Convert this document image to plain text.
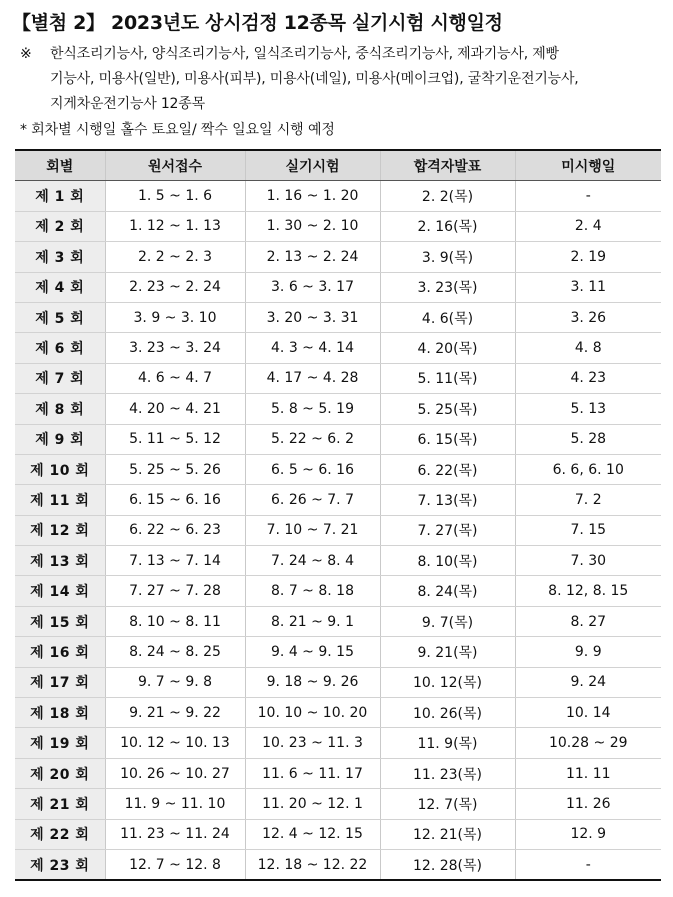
【별첨 2】 2023년도 상시검정 12종목 실기시험 시행일정
※	한식조리기능사, 양식조리기능사, 일식조리기능사, 중식조리기능사, 제과기능사, 제빵
기능사, 미용사(일반), 미용사(피부), 미용사(네일), 미용사(메이크업), 굴착기운전기능사,
지게차운전기능사 12종목
* 회차별 시행일 홀수 토요일/ 짝수 일요일 시행 예정
회별	원서접수	실기시험	합격자발표	미시행일
제 1 회	1. 5 ~ 1. 6	1. 16 ~ 1. 20	2. 2(목)	-
제 2 회	1. 12 ~ 1. 13	1. 30 ~ 2. 10	2. 16(목)	2. 4
제 3 회	2. 2 ~ 2. 3	2. 13 ~ 2. 24	3. 9(목)	2. 19
제 4 회	2. 23 ~ 2. 24	3. 6 ~ 3. 17	3. 23(목)	3. 11
제 5 회	3. 9 ~ 3. 10	3. 20 ~ 3. 31	4. 6(목)	3. 26
제 6 회	3. 23 ~ 3. 24	4. 3 ~ 4. 14	4. 20(목)	4. 8
제 7 회	4. 6 ~ 4. 7	4. 17 ~ 4. 28	5. 11(목)	4. 23
제 8 회	4. 20 ~ 4. 21	5. 8 ~ 5. 19	5. 25(목)	5. 13
제 9 회	5. 11 ~ 5. 12	5. 22 ~ 6. 2	6. 15(목)	5. 28
제 10 회	5. 25 ~ 5. 26	6. 5 ~ 6. 16	6. 22(목)	6. 6, 6. 10
제 11 회	6. 15 ~ 6. 16	6. 26 ~ 7. 7	7. 13(목)	7. 2
제 12 회	6. 22 ~ 6. 23	7. 10 ~ 7. 21	7. 27(목)	7. 15
제 13 회	7. 13 ~ 7. 14	7. 24 ~ 8. 4	8. 10(목)	7. 30
제 14 회	7. 27 ~ 7. 28	8. 7 ~ 8. 18	8. 24(목)	8. 12, 8. 15
제 15 회	8. 10 ~ 8. 11	8. 21 ~ 9. 1	9. 7(목)	8. 27
제 16 회	8. 24 ~ 8. 25	9. 4 ~ 9. 15	9. 21(목)	9. 9
제 17 회	9. 7 ~ 9. 8	9. 18 ~ 9. 26	10. 12(목)	9. 24
제 18 회	9. 21 ~ 9. 22	10. 10 ~ 10. 20	10. 26(목)	10. 14
제 19 회	10. 12 ~ 10. 13	10. 23 ~ 11. 3	11. 9(목)	10.28 ~ 29
제 20 회	10. 26 ~ 10. 27	11. 6 ~ 11. 17	11. 23(목)	11. 11
제 21 회	11. 9 ~ 11. 10	11. 20 ~ 12. 1	12. 7(목)	11. 26
제 22 회	11. 23 ~ 11. 24	12. 4 ~ 12. 15	12. 21(목)	12. 9
제 23 회	12. 7 ~ 12. 8	12. 18 ~ 12. 22	12. 28(목)	-
